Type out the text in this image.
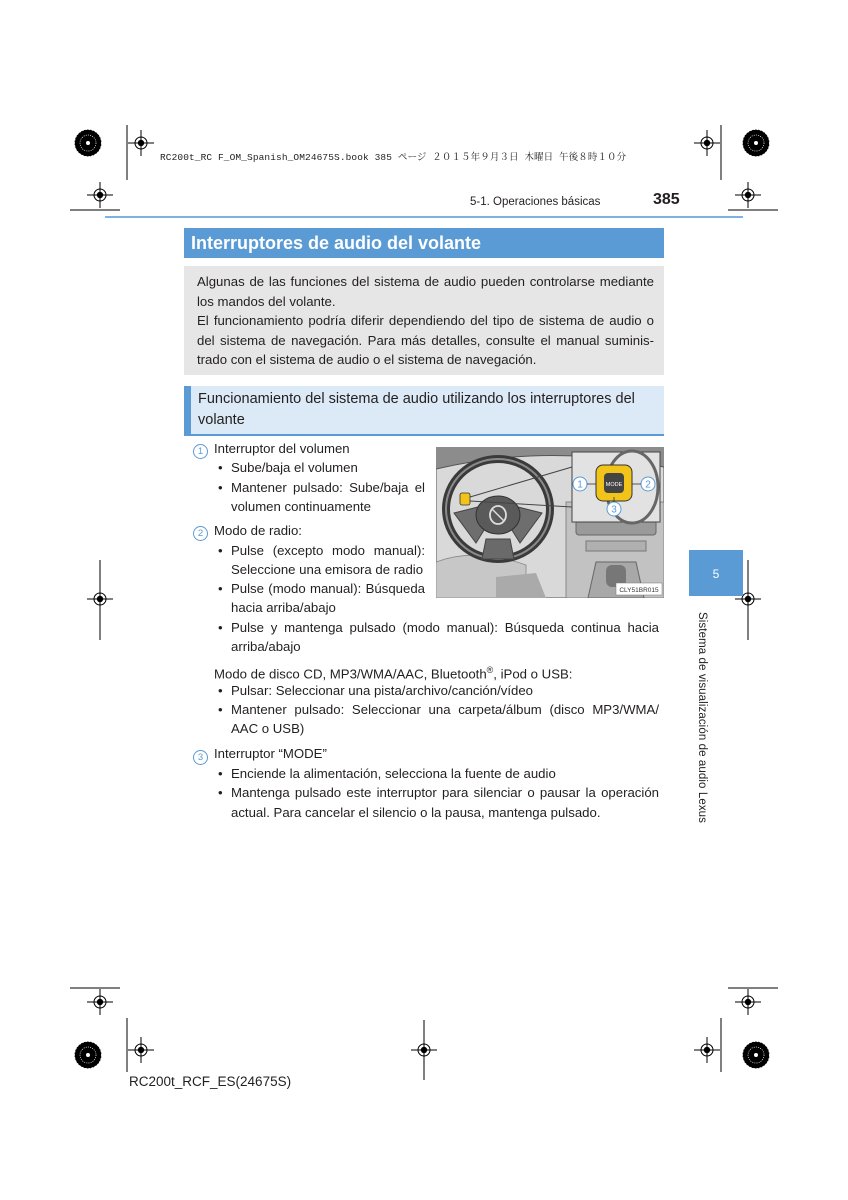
RC200t_RC F_OM_Spanish_OM24675S.book 385 ページ ２０１５年９月３日 木曜日 午後８時１０分
5-1. Operaciones básicas	385
Interruptores de audio del volante

Algunas de las funciones del sistema de audio pueden controlarse mediante los mandos del volante.

El funcionamiento podría diferir dependiendo del tipo de sistema de audio o del sistema de navegación. Para más detalles, consulte el manual suminis-trado con el sistema de audio o el sistema de navegación.

Funcionamiento del sistema de audio utilizando los interruptores del volante
1 Interruptor del volumen
• Sube/baja el volumen
• Mantener pulsado: Sube/baja el
volumen continuamente
2 Modo de radio:
• Pulse (excepto modo manual):
Seleccione una emisora de radio
• Pulse (modo manual): Búsqueda
hacia arriba/abajo
• Pulse y mantenga pulsado (modo manual): Búsqueda continua hacia
arriba/abajo
Modo de disco CD, MP3/WMA/AAC, Bluetooth®, iPod o USB:
• Pulsar: Seleccionar una pista/archivo/canción/vídeo
• Mantener pulsado: Seleccionar una carpeta/álbum (disco MP3/WMA/
AAC o USB)
3 Interruptor “MODE”
• Enciende la alimentación, selecciona la fuente de audio
• Mantenga pulsado este interruptor para silenciar o pausar la operación
actual. Para cancelar el silencio o la pausa, mantenga pulsado.
MODE
1	2
3
CLY51BR015
5
Sistema de visualización de audio Lexus
RC200t_RCF_ES(24675S)
